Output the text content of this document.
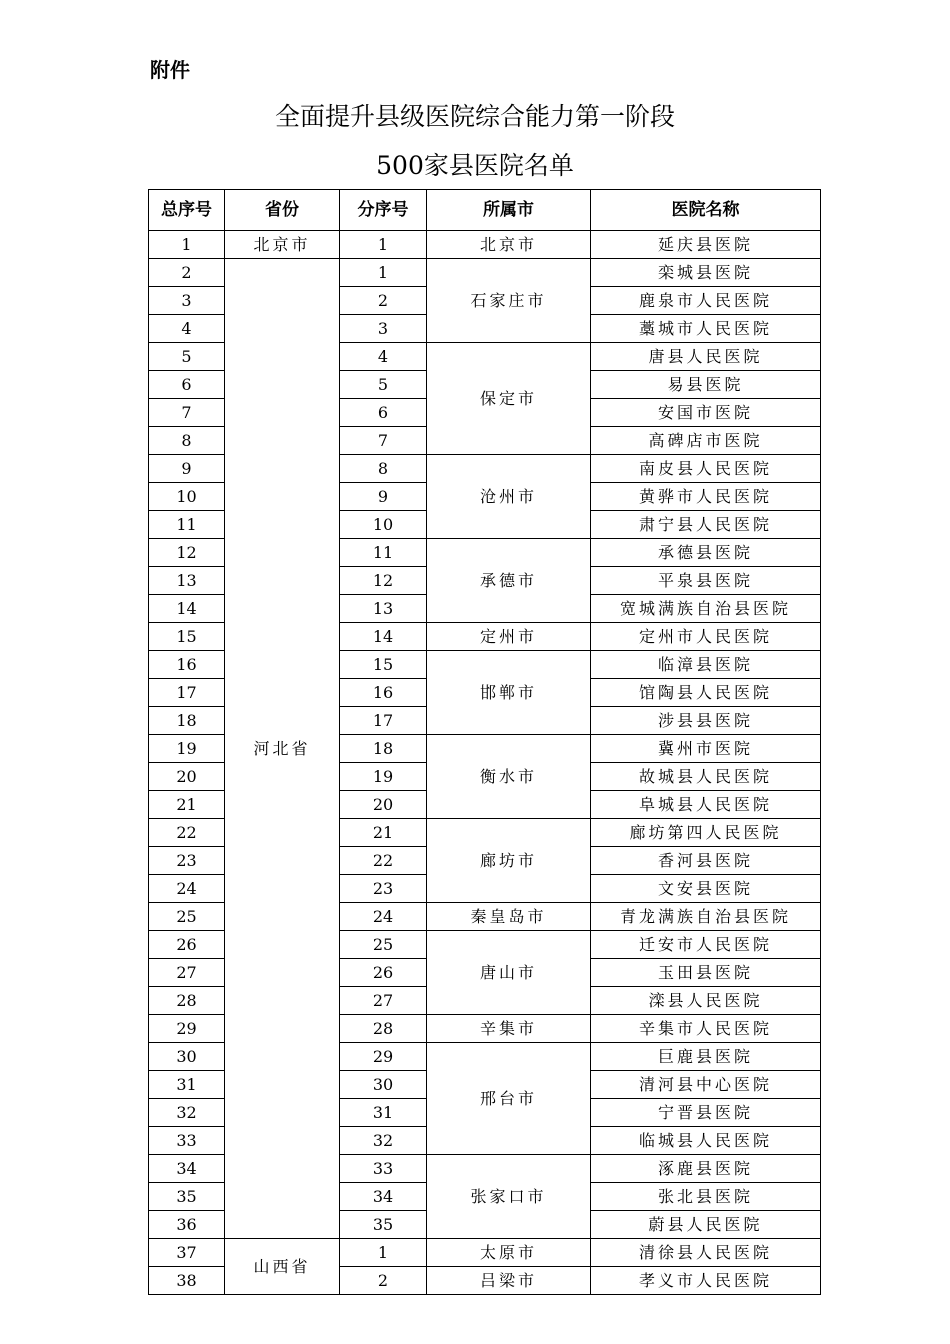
附件
全面提升县级医院综合能力第一阶段
500家县医院名单
总序号	省份	分序号	所属市	医院名称
1	北京市	1	北京市	延庆县医院
2	河北省	1	石家庄市	栾城县医院
3		2		鹿泉市人民医院
4		3		藁城市人民医院
5		4	保定市	唐县人民医院
6		5		易县医院
7		6		安国市医院
8		7		高碑店市医院
9		8	沧州市	南皮县人民医院
10		9		黄骅市人民医院
11		10		肃宁县人民医院
12		11	承德市	承德县医院
13		12		平泉县医院
14		13		宽城满族自治县医院
15		14	定州市	定州市人民医院
16		15	邯郸市	临漳县医院
17		16		馆陶县人民医院
18		17		涉县县医院
19		18	衡水市	冀州市医院
20		19		故城县人民医院
21		20		阜城县人民医院
22		21	廊坊市	廊坊第四人民医院
23		22		香河县医院
24		23		文安县医院
25		24	秦皇岛市	青龙满族自治县医院
26		25	唐山市	迁安市人民医院
27		26		玉田县医院
28		27		滦县人民医院
29		28	辛集市	辛集市人民医院
30		29	邢台市	巨鹿县医院
31		30		清河县中心医院
32		31		宁晋县医院
33		32		临城县人民医院
34		33	张家口市	涿鹿县医院
35		34		张北县医院
36		35		蔚县人民医院
37	山西省	1	太原市	清徐县人民医院
38		2	吕梁市	孝义市人民医院
